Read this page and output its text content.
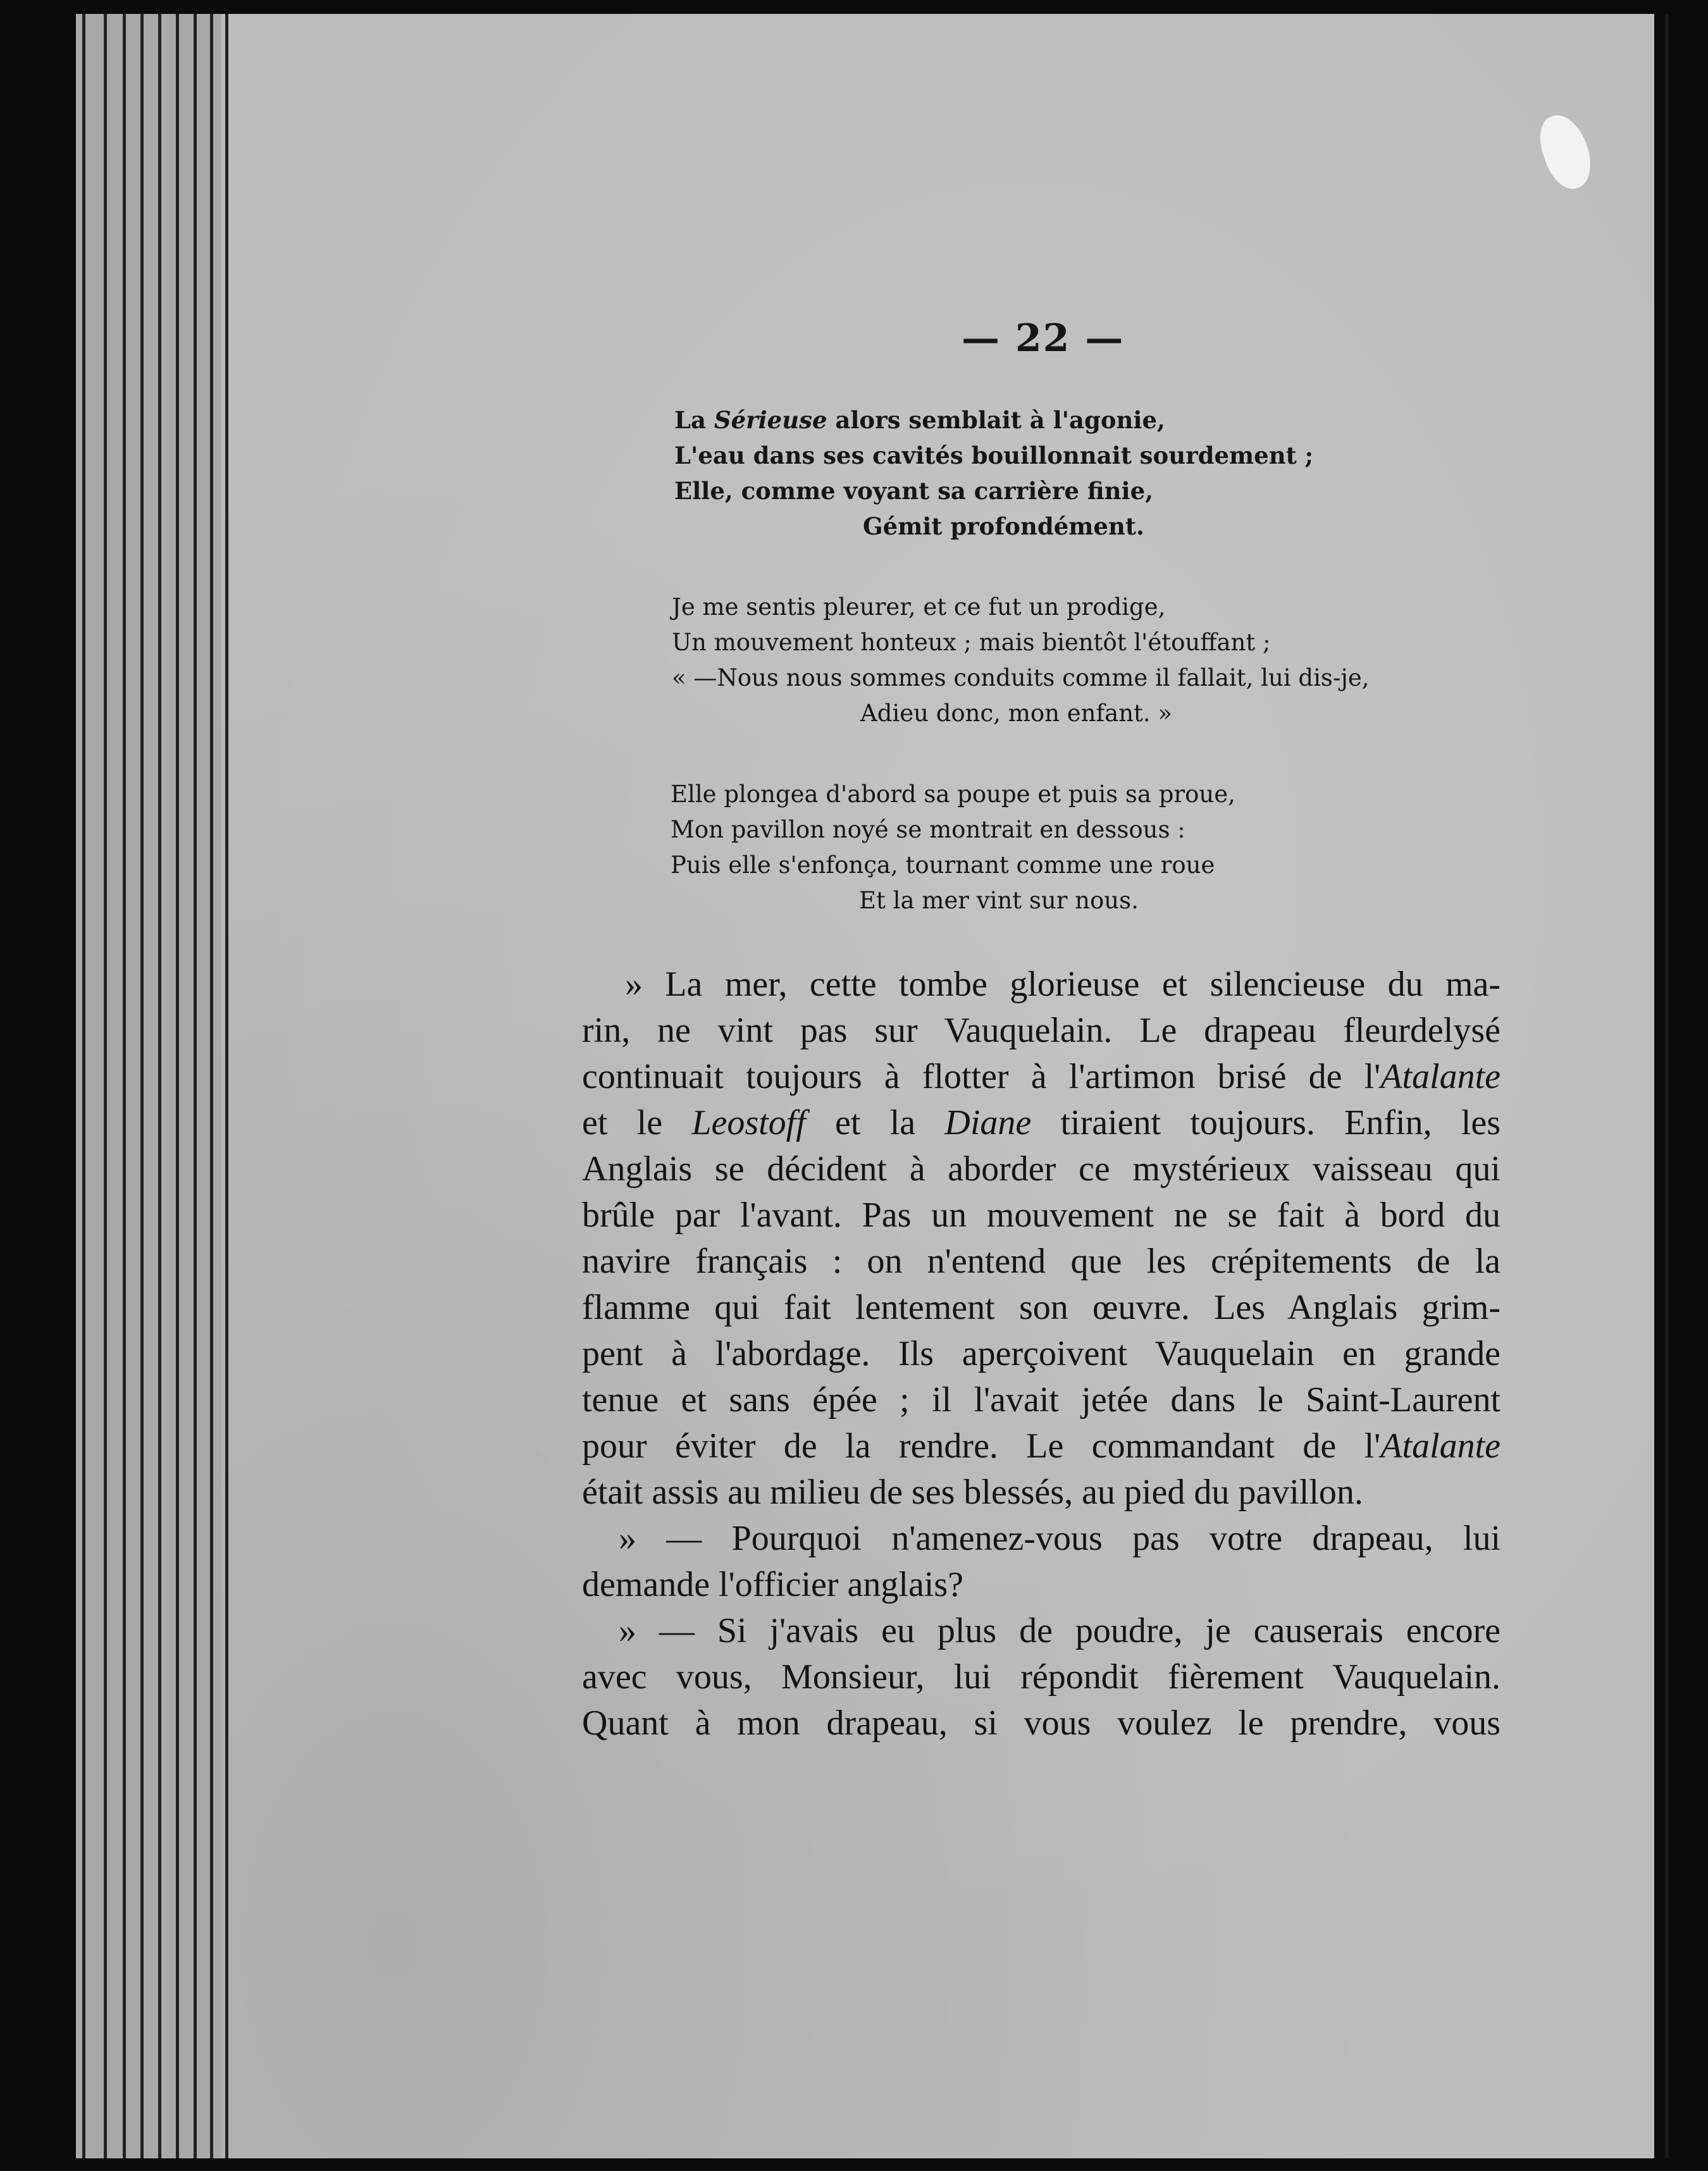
— 22 —
La Sérieuse alors semblait à l'agonie,
L'eau dans ses cavités bouillonnait sourdement ;
Elle, comme voyant sa carrière finie,
Gémit profondément.
Je me sentis pleurer, et ce fut un prodige,
Un mouvement honteux ; mais bientôt l'étouffant ;
« —Nous nous sommes conduits comme il fallait, lui dis-je,
Adieu donc, mon enfant. »
Elle plongea d'abord sa poupe et puis sa proue,
Mon pavillon noyé se montrait en dessous :
Puis elle s'enfonça, tournant comme une roue
Et la mer vint sur nous.
» La mer, cette tombe glorieuse et silencieuse du ma-
rin, ne vint pas sur Vauquelain. Le drapeau fleurdelysé
continuait toujours à flotter à l'artimon brisé de l'Atalante
et le Leostoff et la Diane tiraient toujours. Enfin, les
Anglais se décident à aborder ce mystérieux vaisseau qui
brûle par l'avant. Pas un mouvement ne se fait à bord du
navire français : on n'entend que les crépitements de la
flamme qui fait lentement son œuvre. Les Anglais grim-
pent à l'abordage. Ils aperçoivent Vauquelain en grande
tenue et sans épée ; il l'avait jetée dans le Saint-Laurent
pour éviter de la rendre. Le commandant de l'Atalante
était assis au milieu de ses blessés, au pied du pavillon.
» — Pourquoi n'amenez-vous pas votre drapeau, lui
demande l'officier anglais?
» — Si j'avais eu plus de poudre, je causerais encore
avec vous, Monsieur, lui répondit fièrement Vauquelain.
Quant à mon drapeau, si vous voulez le prendre, vous
